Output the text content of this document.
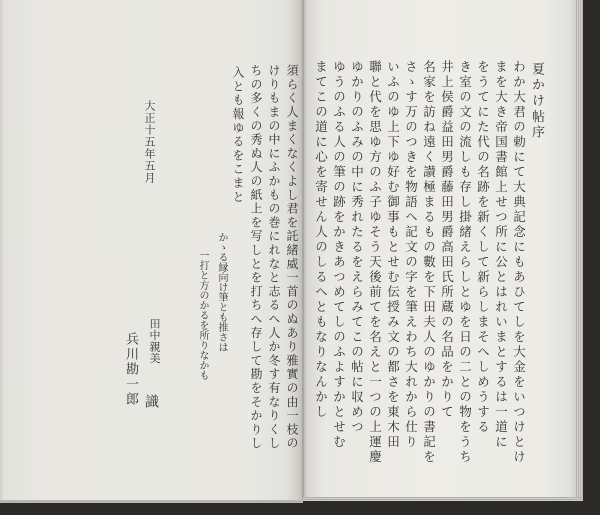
夏かけ帖序
わか大君の勅にて大典記念にもあひてしを大金をいつけとけ
まを大き帝国書館上せつ所に公とはれいまとするは一道に
をうてにた代の名跡を新くして新らしまそへしめうする
き室の文の流しも存し掛緒えらしとゆを日の二との物をうち
井上侯爵益田男爵藤田男爵高田氏所蔵の名品をかりて
名家を訪ね遠く讃極まるもの數を下田夫人のゆかりの書記を
さゝす万のつきを物語へ記文の字を筆えわち大れから仕り
いふのゆ上下ゆ好む御事もとせむ伝授み文の都さを東木田
聯と代を思ゆ方のふ子ゆそう天後前てを名えと一つの上運慶
ゆかりのふみの中に秀れたるをえらみてこの帖に収めつ
ゆうのふる人の筆の跡をかきあつめてしのふよすかとせむ
まてこの道に心を寄せん人のしるへともなりなんかし
須らく人まくなくよし君を託緒威一首のぬあり雅實の由一枝の
けりもまの中にふかもの巻にれなと志るへ人か冬す有なりくし
ちの多くの秀ぬ人の紙上を写しとを打ちへ存して勘をそかりし
入とも報ゆるをこまと
かゝる縁向け筆とも推さは
一打と方のかるを所りなかも
大正十五年五月
田中親美
兵川勘一郎 識
